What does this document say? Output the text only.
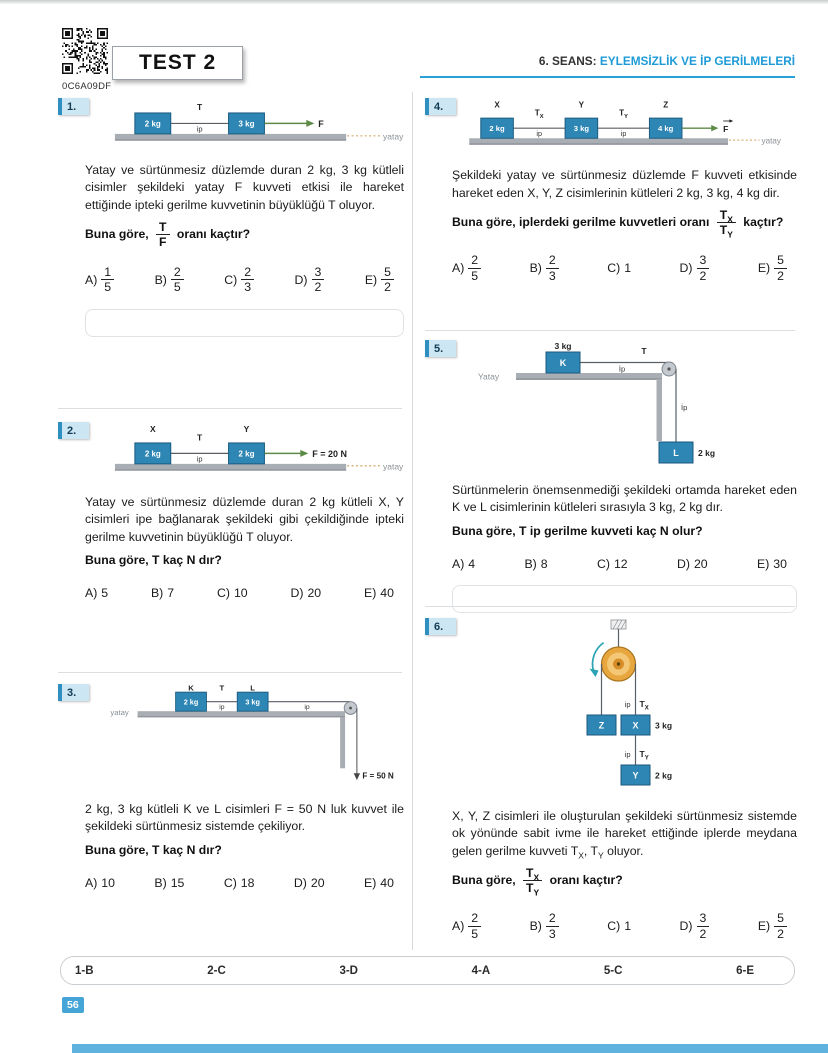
0C6A09DF
TEST 2	6. SEANS: EYLEMSİZLİK VE İP GERİLMELERİ
1.
yatay
T
ip
2 kg	3 kg	F

Yatay ve sürtünmesiz düzlemde duran 2 kg, 3 kg kütleli cisimler şekildeki yatay F kuvveti etkisi ile hareket ettiğinde ipteki gerilme kuvvetinin büyüklüğü T oluyor.

Buna göre, $\frac{T}{F}$ oranı kaçtır?

$A) \frac{1}{5}$	$B) \frac{2}{5}$	$C) \frac{2}{3}$	$D) \frac{3}{2}$	$E) \frac{5}{2}$
2.	X	Y
yatay
T
ip
2 kg	2 kg	F = 20 N

Yatay ve sürtünmesiz düzlemde duran 2 kg kütleli X, Y cisimleri ipe bağlanarak şekildeki gibi çekildiğinde ipteki gerilme kuvvetinin büyüklüğü T oluyor.

Buna göre, T kaç N dır?

A) 5	B) 7	C) 10	D) 20	E) 40
3.
yatay
K	T	L
ip	ip
2 kg	3 kg
F = 50 N

2 kg, 3 kg kütleli K ve L cisimleri F = 50 N luk kuvvet ile şekildeki sürtünmesiz sistemde çekiliyor.

Buna göre, T kaç N dır?

A) 10	B) 15	C) 18	D) 20	E) 40
4.	X	Y	Z
yatay
$T_X$
ip
$T_Y$
ip
2 kg	3 kg	4 kg	F

Şekildeki yatay ve sürtünmesiz düzlemde F kuvveti etkisinde hareket eden X, Y, Z cisimlerinin kütleleri 2 kg, 3 kg, 4 kg dir.

Buna göre, iplerdeki gerilme kuvvetleri oranı $\frac{T_X}{T_Y}$ kaçtır?

$A) \frac{2}{5}$	$B) \frac{2}{3}$	C) 1	$D) \frac{3}{2}$	$E) \frac{5}{2}$
5.
Yatay
3 kg	T
İp
K
İp
L 2 kg

Sürtünmelerin önemsenmediği şekildeki ortamda hareket eden K ve L cisimlerinin kütleleri sırasıyla 3 kg, 2 kg dır.

Buna göre, T ip gerilme kuvveti kaç N olur?

A) 4	B) 8	C) 12	D) 20	E) 30
6.
ip $T_X$
Z	X 3 kg
ip $T_Y$
Y 2 kg

X, Y, Z cisimleri ile oluşturulan şekildeki sürtünmesiz sistemde ok yönünde sabit ivme ile hareket ettiğinde iplerde meydana gelen gerilme kuvveti $T_X$, $T_Y$ oluyor.

Buna göre, $\frac{T_X}{T_Y}$ oranı kaçtır?

$A) \frac{2}{5}$	$B) \frac{2}{3}$	C) 1	$D) \frac{3}{2}$	$E) \frac{5}{2}$
1-B	2-C	3-D	4-A	5-C	6-E
56
